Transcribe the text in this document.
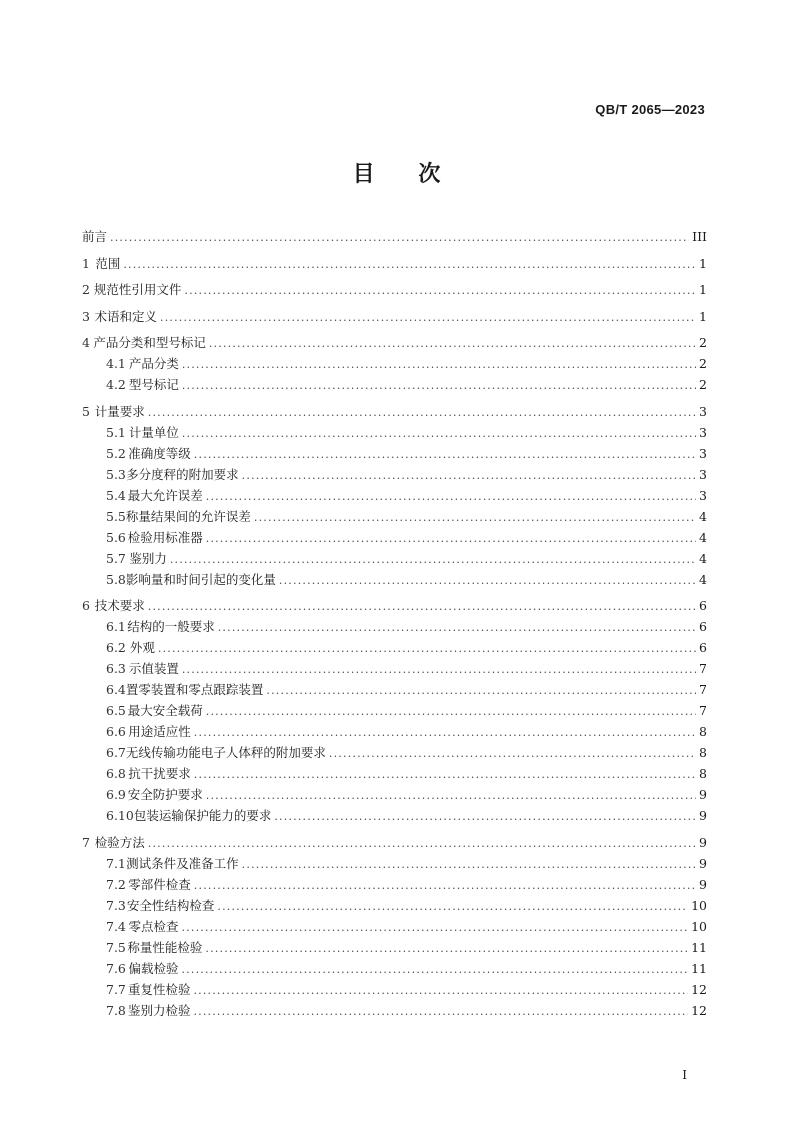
QB/T 2065—2023
目 次
前言 .....	III
1 范围 .....	1
2 规范性引用文件 .....	1
3 术语和定义 .....	1
4 产品分类和型号标记 .....	2
4.1 产品分类 .....	2
4.2 型号标记 .....	2
5 计量要求 .....	3
5.1 计量单位 .....	3
5.2 准确度等级 .....	3
5.3 多分度秤的附加要求 .....	3
5.4 最大允许误差 .....	3
5.5 称量结果间的允许误差 .....	4
5.6 检验用标准器 .....	4
5.7 鉴别力 .....	4
5.8 影响量和时间引起的变化量 .....	4
6 技术要求 .....	6
6.1 结构的一般要求 .....	6
6.2 外观 .....	6
6.3 示值装置 .....	7
6.4 置零装置和零点跟踪装置 .....	7
6.5 最大安全载荷 .....	7
6.6 用途适应性 .....	8
6.7 无线传输功能电子人体秤的附加要求 .....	8
6.8 抗干扰要求 .....	8
6.9 安全防护要求 .....	9
6.10 包装运输保护能力的要求 .....	9
7 检验方法 .....	9
7.1 测试条件及准备工作 .....	9
7.2 零部件检查 .....	9
7.3 安全性结构检查 .....	10
7.4 零点检查 .....	10
7.5 称量性能检验 .....	11
7.6 偏载检验 .....	11
7.7 重复性检验 .....	12
7.8 鉴别力检验 .....	12
I
